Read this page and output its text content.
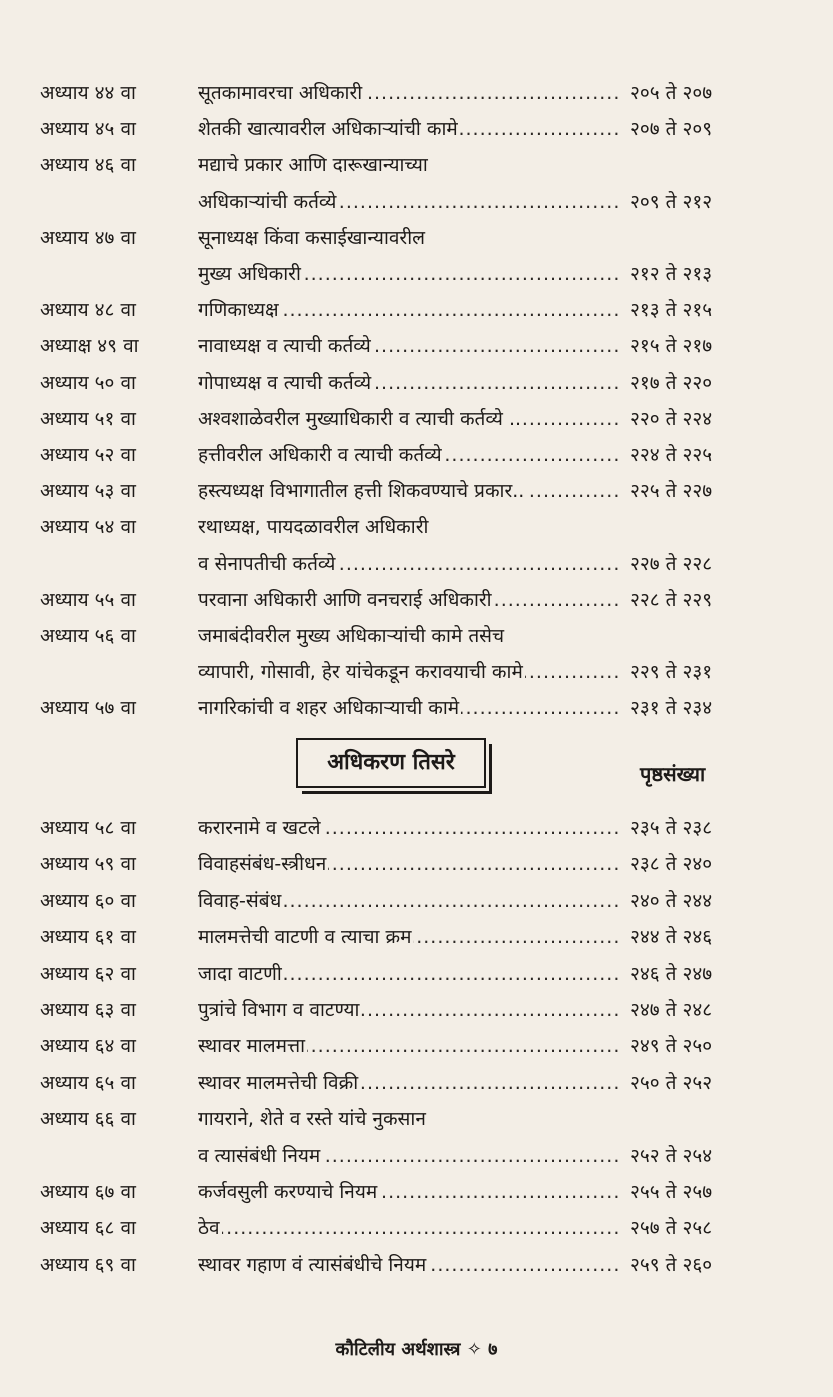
अध्याय ४४ वा	सूतकामावरचा अधिकारी .....	२०५ ते २०७
अध्याय ४५ वा	शेतकी खात्यावरील अधिकाऱ्यांची कामे .....	२०७ ते २०९
अध्याय ४६ वा	मद्याचे प्रकार आणि दारूखान्याच्या
अधिकाऱ्यांची कर्तव्ये .....	२०९ ते २१२
अध्याय ४७ वा	सूनाध्यक्ष किंवा कसाईखान्यावरील
मुख्य अधिकारी .....	२१२ ते २१३
अध्याय ४८ वा	गणिकाध्यक्ष .....	२१३ ते २१५
अध्याक्ष ४९ वा	नावाध्यक्ष व त्याची कर्तव्ये .....	२१५ ते २१७
अध्याय ५० वा	गोपाध्यक्ष व त्याची कर्तव्ये .....	२१७ ते २२०
अध्याय ५१ वा	अश्वशाळेवरील मुख्याधिकारी व त्याची कर्तव्ये .. .....	२२० ते २२४
अध्याय ५२ वा	हत्तीवरील अधिकारी व त्याची कर्तव्ये .....	२२४ ते २२५
अध्याय ५३ वा	हस्त्यध्यक्ष विभागातील हत्ती शिकवण्याचे प्रकार.. .....	२२५ ते २२७
अध्याय ५४ वा	रथाध्यक्ष, पायदळावरील अधिकारी
व सेनापतीची कर्तव्ये .....	२२७ ते २२८
अध्याय ५५ वा	परवाना अधिकारी आणि वनचराई अधिकारी .....	२२८ ते २२९
अध्याय ५६ वा	जमाबंदीवरील मुख्य अधिकाऱ्यांची कामे तसेच
व्यापारी, गोसावी, हेर यांचेकडून करावयाची कामे .....	२२९ ते २३१
अध्याय ५७ वा	नागरिकांची व शहर अधिकाऱ्याची कामे .....	२३१ ते २३४
अधिकरण तिसरे	पृष्ठसंख्या
अध्याय ५८ वा	करारनामे व खटले .....	२३५ ते २३८
अध्याय ५९ वा	विवाहसंबंध-स्त्रीधन .....	२३८ ते २४०
अध्याय ६० वा	विवाह-संबंध .....	२४० ते २४४
अध्याय ६१ वा	मालमत्तेची वाटणी व त्याचा क्रम .....	२४४ ते २४६
अध्याय ६२ वा	जादा वाटणी .....	२४६ ते २४७
अध्याय ६३ वा	पुत्रांचे विभाग व वाटण्या .....	२४७ ते २४८
अध्याय ६४ वा	स्थावर मालमत्ता .....	२४९ ते २५०
अध्याय ६५ वा	स्थावर मालमत्तेची विक्री .....	२५० ते २५२
अध्याय ६६ वा	गायराने, शेते व रस्ते यांचे नुकसान
व त्यासंबंधी नियम .....	२५२ ते २५४
अध्याय ६७ वा	कर्जवसुली करण्याचे नियम .....	२५५ ते २५७
अध्याय ६८ वा	ठेव .....	२५७ ते २५८
अध्याय ६९ वा	स्थावर गहाण वं त्यासंबंधीचे नियम .....	२५९ ते २६०
कौटिलीय अर्थशास्त्र ✧ ७
